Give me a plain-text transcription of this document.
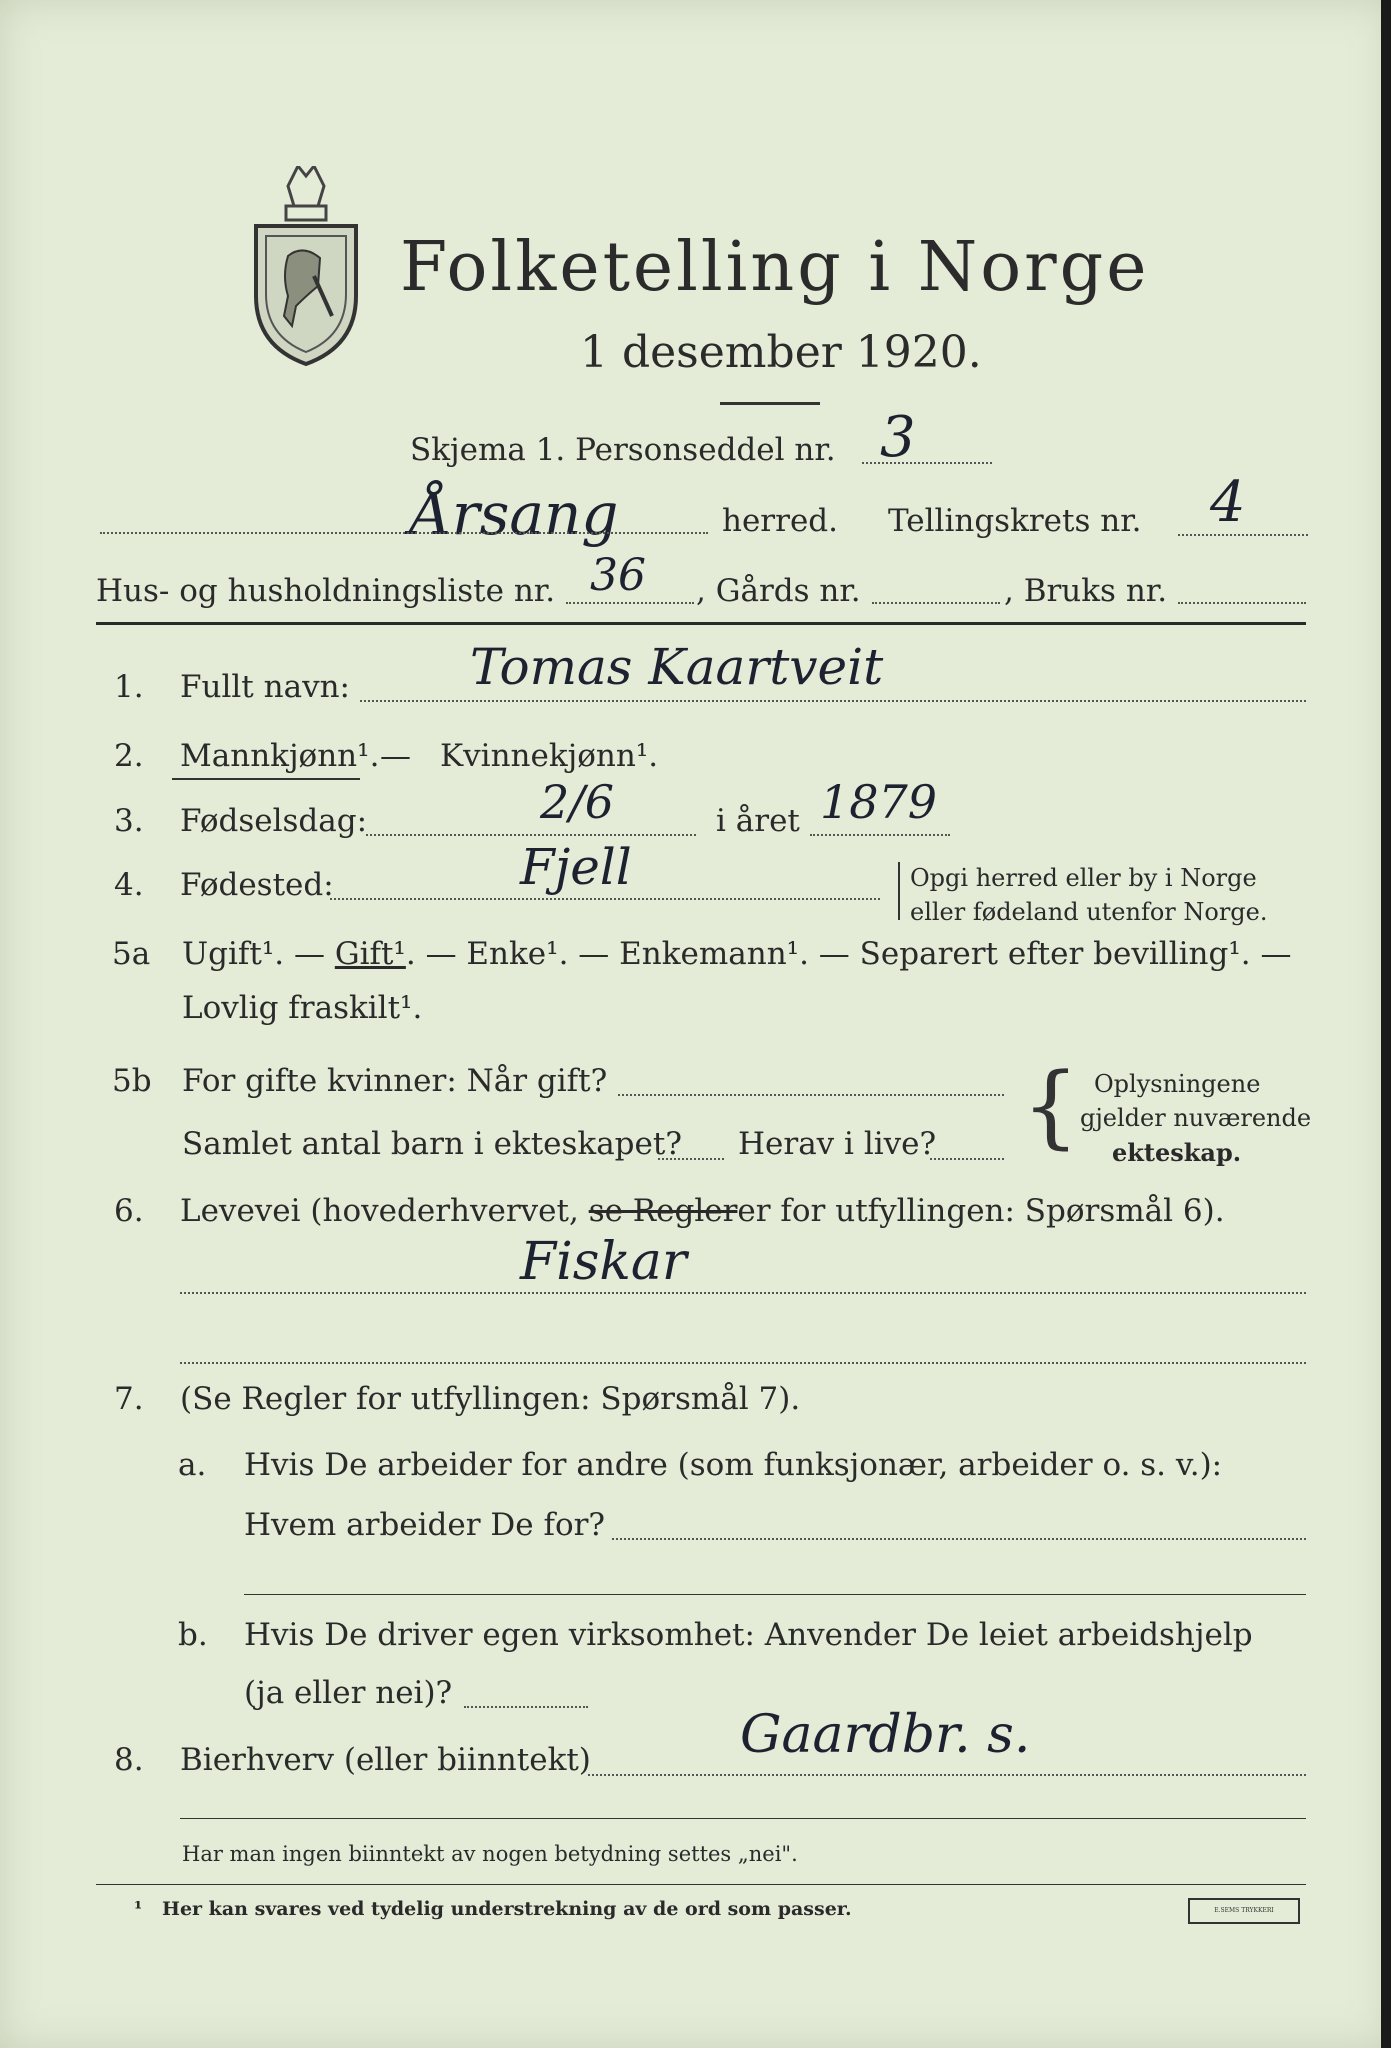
Folketelling i Norge
1 desember 1920.
Skjema 1. Personseddel nr. 3
Årsang	herred. Tellingskrets nr. 4
Hus- og husholdningsliste nr. 36 , Gårds nr.	, Bruks nr.
1. Fullt navn: Tomas Kaartveit
2. Mannkjønn¹. — Kvinnekjønn¹.
3. Fødselsdag:	2/6	i året 1879
4. Fødested:	Fjell	Opgi herred eller by i Norge
eller fødeland utenfor Norge.
5a Ugift¹. — Gift¹. — Enke¹. — Enkemann¹. — Separert efter bevilling¹. —
Lovlig fraskilt¹.
5b For gifte kvinner: Når gift?
Samlet antal barn i ekteskapet? Herav i live? { Oplysningene
gjelder nuværende
ekteskap.
6. Levevei (hovederhvervet, se Reglerer for utfyllingen: Spørsmål 6).
Fiskar
7. (Se Regler for utfyllingen: Spørsmål 7).
a. Hvis De arbeider for andre (som funksjonær, arbeider o. s. v.):
Hvem arbeider De for?
b. Hvis De driver egen virksomhet: Anvender De leiet arbeidshjelp
(ja eller nei)?
8. Bierhverv (eller biinntekt)	Gaardbr. s.
Har man ingen biinntekt av nogen betydning settes „nei".
¹ Her kan svares ved tydelig understrekning av de ord som passer.	E.SEMS TRYKKERI
